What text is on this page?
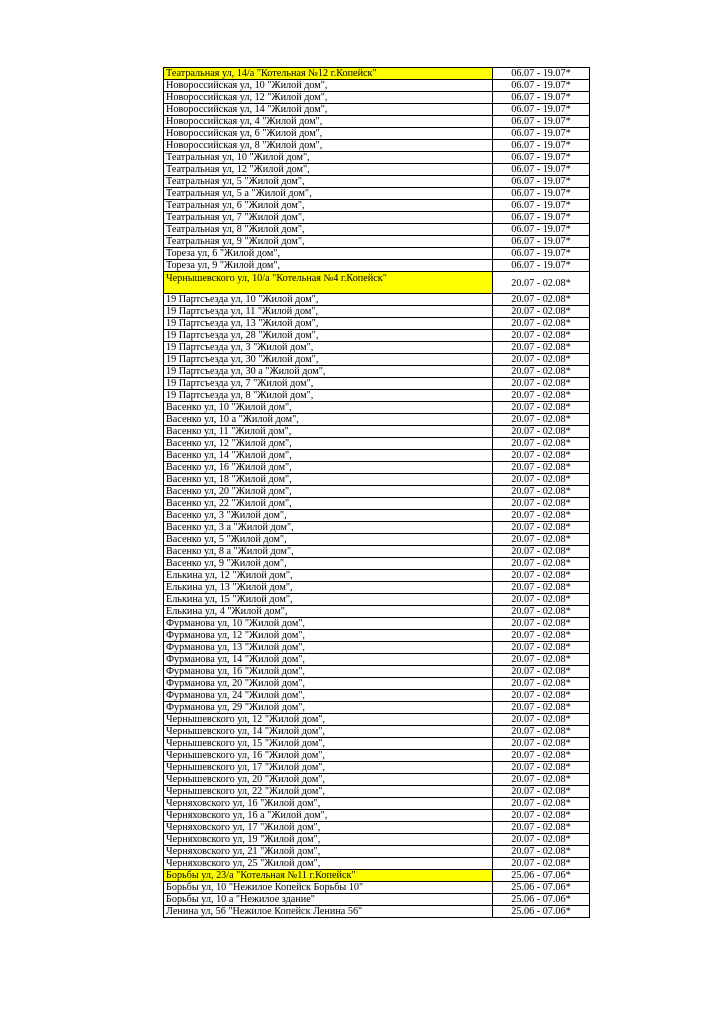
Театральная ул, 14/а "Котельная №12 г.Копейск"	06.07 - 19.07*
Новороссийская ул, 10 "Жилой дом",	06.07 - 19.07*
Новороссийская ул, 12 "Жилой дом",	06.07 - 19.07*
Новороссийская ул, 14 "Жилой дом",	06.07 - 19.07*
Новороссийская ул, 4 "Жилой дом",	06.07 - 19.07*
Новороссийская ул, 6 "Жилой дом",	06.07 - 19.07*
Новороссийская ул, 8 "Жилой дом",	06.07 - 19.07*
Театральная ул, 10 "Жилой дом",	06.07 - 19.07*
Театральная ул, 12 "Жилой дом",	06.07 - 19.07*
Театральная ул, 5 "Жилой дом",	06.07 - 19.07*
Театральная ул, 5 а "Жилой дом",	06.07 - 19.07*
Театральная ул, 6 "Жилой дом",	06.07 - 19.07*
Театральная ул, 7 "Жилой дом",	06.07 - 19.07*
Театральная ул, 8 "Жилой дом",	06.07 - 19.07*
Театральная ул, 9 "Жилой дом",	06.07 - 19.07*
Тореза ул, 6 "Жилой дом",	06.07 - 19.07*
Тореза ул, 9 "Жилой дом",	06.07 - 19.07*
Чернышевского ул, 10/а "Котельная №4 г.Копейск"	20.07 - 02.08*
19 Партсъезда ул, 10 "Жилой дом",	20.07 - 02.08*
19 Партсъезда ул, 11 "Жилой дом",	20.07 - 02.08*
19 Партсъезда ул, 13 "Жилой дом",	20.07 - 02.08*
19 Партсъезда ул, 28 "Жилой дом",	20.07 - 02.08*
19 Партсъезда ул, 3 "Жилой дом",	20.07 - 02.08*
19 Партсъезда ул, 30 "Жилой дом",	20.07 - 02.08*
19 Партсъезда ул, 30 а "Жилой дом",	20.07 - 02.08*
19 Партсъезда ул, 7 "Жилой дом",	20.07 - 02.08*
19 Партсъезда ул, 8 "Жилой дом",	20.07 - 02.08*
Васенко ул, 10 "Жилой дом",	20.07 - 02.08*
Васенко ул, 10 а "Жилой дом",	20.07 - 02.08*
Васенко ул, 11 "Жилой дом",	20.07 - 02.08*
Васенко ул, 12 "Жилой дом",	20.07 - 02.08*
Васенко ул, 14 "Жилой дом",	20.07 - 02.08*
Васенко ул, 16 "Жилой дом",	20.07 - 02.08*
Васенко ул, 18 "Жилой дом",	20.07 - 02.08*
Васенко ул, 20 "Жилой дом",	20.07 - 02.08*
Васенко ул, 22 "Жилой дом",	20.07 - 02.08*
Васенко ул, 3 "Жилой дом",	20.07 - 02.08*
Васенко ул, 3 а "Жилой дом",	20.07 - 02.08*
Васенко ул, 5 "Жилой дом",	20.07 - 02.08*
Васенко ул, 8 а "Жилой дом",	20.07 - 02.08*
Васенко ул, 9 "Жилой дом",	20.07 - 02.08*
Елькина ул, 12 "Жилой дом",	20.07 - 02.08*
Елькина ул, 13 "Жилой дом",	20.07 - 02.08*
Елькина ул, 15 "Жилой дом",	20.07 - 02.08*
Елькина ул, 4 "Жилой дом",	20.07 - 02.08*
Фурманова ул, 10 "Жилой дом",	20.07 - 02.08*
Фурманова ул, 12 "Жилой дом",	20.07 - 02.08*
Фурманова ул, 13 "Жилой дом",	20.07 - 02.08*
Фурманова ул, 14 "Жилой дом",	20.07 - 02.08*
Фурманова ул, 16 "Жилой дом",	20.07 - 02.08*
Фурманова ул, 20 "Жилой дом",	20.07 - 02.08*
Фурманова ул, 24 "Жилой дом",	20.07 - 02.08*
Фурманова ул, 29 "Жилой дом",	20.07 - 02.08*
Чернышевского ул, 12 "Жилой дом",	20.07 - 02.08*
Чернышевского ул, 14 "Жилой дом",	20.07 - 02.08*
Чернышевского ул, 15 "Жилой дом",	20.07 - 02.08*
Чернышевского ул, 16 "Жилой дом",	20.07 - 02.08*
Чернышевского ул, 17 "Жилой дом",	20.07 - 02.08*
Чернышевского ул, 20 "Жилой дом",	20.07 - 02.08*
Чернышевского ул, 22 "Жилой дом",	20.07 - 02.08*
Черняховского ул, 16 "Жилой дом",	20.07 - 02.08*
Черняховского ул, 16 а "Жилой дом",	20.07 - 02.08*
Черняховского ул, 17 "Жилой дом",	20.07 - 02.08*
Черняховского ул, 19 "Жилой дом",	20.07 - 02.08*
Черняховского ул, 21 "Жилой дом",	20.07 - 02.08*
Черняховского ул, 25 "Жилой дом",	20.07 - 02.08*
Борьбы ул, 23/а "Котельная №11 г.Копейск"	25.06 - 07.06*
Борьбы ул, 10 "Нежилое Копейск Борьбы 10"	25.06 - 07.06*
Борьбы ул, 10 а "Нежилое здание"	25.06 - 07.06*
Ленина ул, 56 "Нежилое Копейск Ленина 56"	25.06 - 07.06*
